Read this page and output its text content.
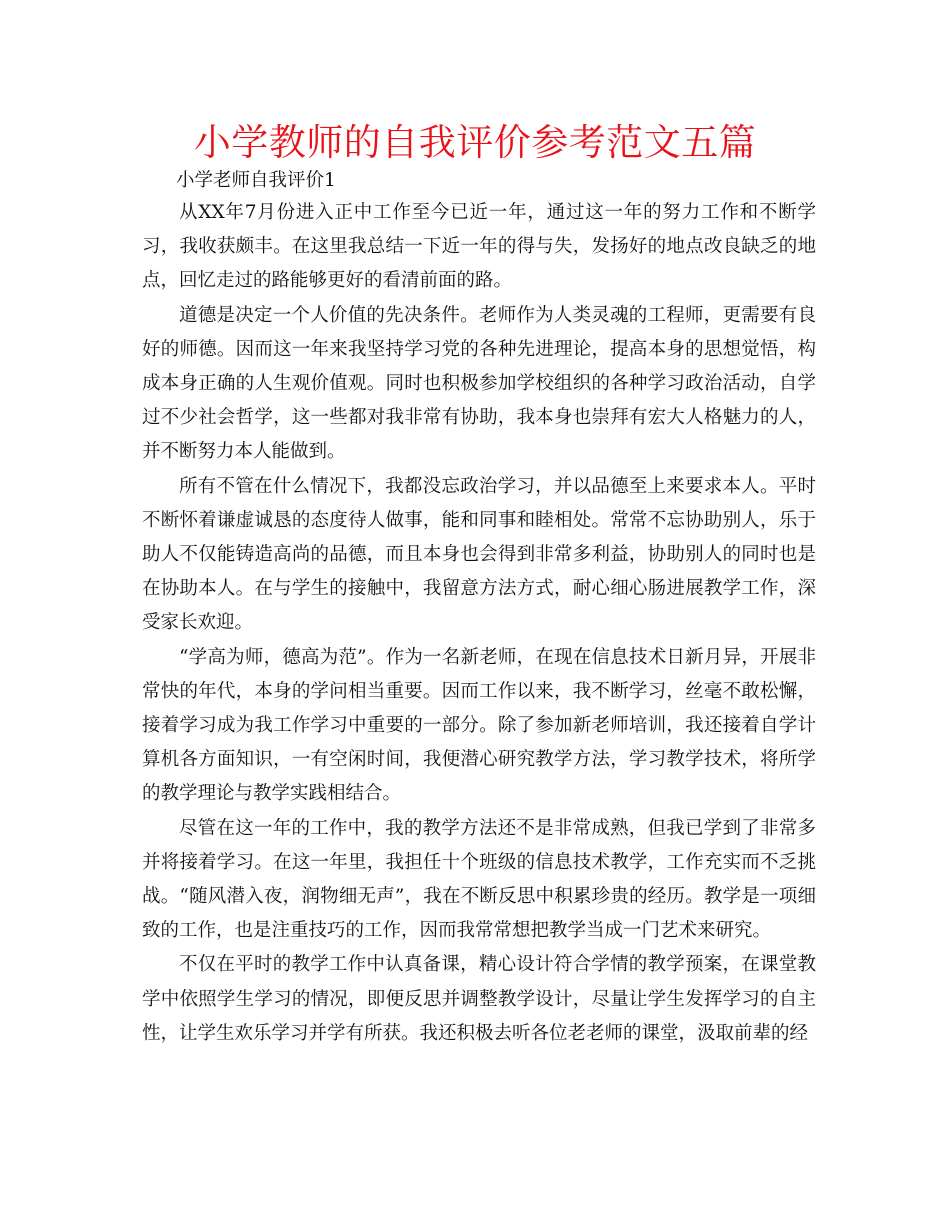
小学教师的自我评价参考范文五篇

小学老师自我评价1

从XX年7月份进入正中工作至今已近一年，通过这一年的努力工作和不断学习，我收获颇丰。在这里我总结一下近一年的得与失，发扬好的地点改良缺乏的地点，回忆走过的路能够更好的看清前面的路。

道德是决定一个人价值的先决条件。老师作为人类灵魂的工程师，更需要有良好的师德。因而这一年来我坚持学习党的各种先进理论，提高本身的思想觉悟，构成本身正确的人生观价值观。同时也积极参加学校组织的各种学习政治活动，自学过不少社会哲学，这一些都对我非常有协助，我本身也崇拜有宏大人格魅力的人，并不断努力本人能做到。

所有不管在什么情况下，我都没忘政治学习，并以品德至上来要求本人。平时不断怀着谦虚诚恳的态度待人做事，能和同事和睦相处。常常不忘协助别人，乐于助人不仅能铸造高尚的品德，而且本身也会得到非常多利益，协助别人的同时也是在协助本人。在与学生的接触中，我留意方法方式，耐心细心肠进展教学工作，深受家长欢迎。

“学高为师，德高为范”。作为一名新老师，在现在信息技术日新月异，开展非常快的年代，本身的学问相当重要。因而工作以来，我不断学习，丝毫不敢松懈，接着学习成为我工作学习中重要的一部分。除了参加新老师培训，我还接着自学计算机各方面知识，一有空闲时间，我便潜心研究教学方法，学习教学技术，将所学的教学理论与教学实践相结合。

尽管在这一年的工作中，我的教学方法还不是非常成熟，但我已学到了非常多并将接着学习。在这一年里，我担任十个班级的信息技术教学，工作充实而不乏挑战。“随风潜入夜，润物细无声”，我在不断反思中积累珍贵的经历。教学是一项细致的工作，也是注重技巧的工作，因而我常常想把教学当成一门艺术来研究。

不仅在平时的教学工作中认真备课，精心设计符合学情的教学预案，在课堂教学中依照学生学习的情况，即便反思并调整教学设计，尽量让学生发挥学习的自主性，让学生欢乐学习并学有所获。我还积极去听各位老老师的课堂，汲取前辈的经
